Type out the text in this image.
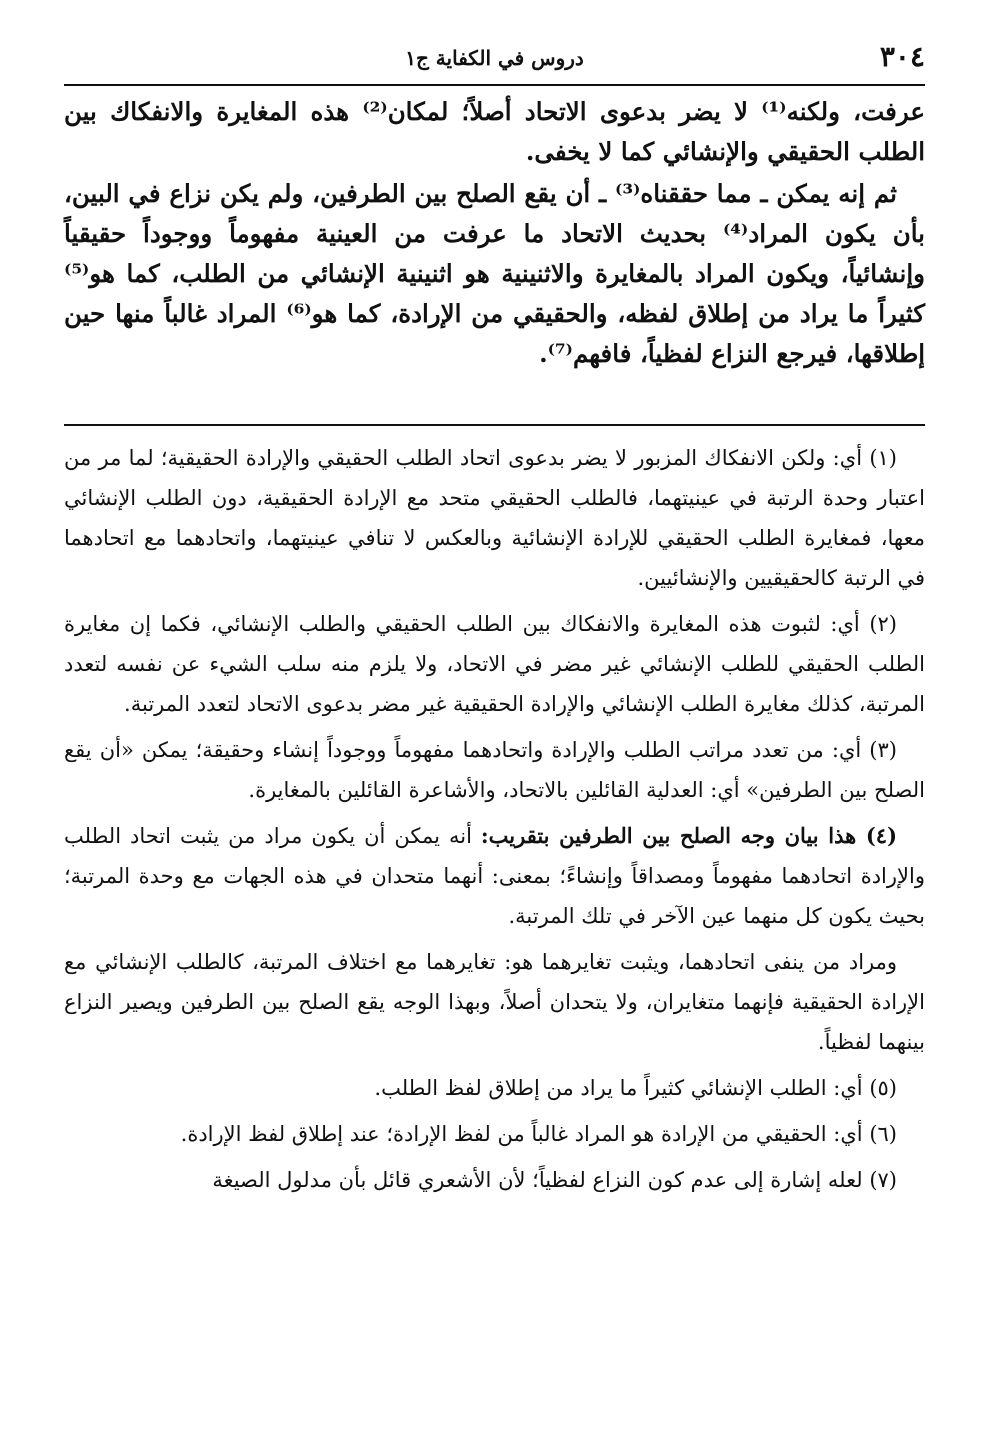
٣٠٤
دروس في الكفاية ج١

عرفت، ولكنه⁽¹⁾ لا يضر بدعوى الاتحاد أصلاً؛ لمكان⁽²⁾ هذه المغايرة والانفكاك بين الطلب الحقيقي والإنشائي كما لا يخفى.

ثم إنه يمكن ـ مما حققناه⁽³⁾ ـ أن يقع الصلح بين الطرفين، ولم يكن نزاع في البين، بأن يكون المراد⁽⁴⁾ بحديث الاتحاد ما عرفت من العينية مفهوماً ووجوداً حقيقياً وإنشائياً، ويكون المراد بالمغايرة والاثنينية هو اثنينية الإنشائي من الطلب، كما هو⁽⁵⁾ كثيراً ما يراد من إطلاق لفظه، والحقيقي من الإرادة، كما هو⁽⁶⁾ المراد غالباً منها حين إطلاقها، فيرجع النزاع لفظياً، فافهم⁽⁷⁾.

(١) أي: ولكن الانفكاك المزبور لا يضر بدعوى اتحاد الطلب الحقيقي والإرادة الحقيقية؛ لما مر من اعتبار وحدة الرتبة في عينيتهما، فالطلب الحقيقي متحد مع الإرادة الحقيقية، دون الطلب الإنشائي معها، فمغايرة الطلب الحقيقي للإرادة الإنشائية وبالعكس لا تنافي عينيتهما، واتحادهما مع اتحادهما في الرتبة كالحقيقيين والإنشائيين.

(٢) أي: لثبوت هذه المغايرة والانفكاك بين الطلب الحقيقي والطلب الإنشائي، فكما إن مغايرة الطلب الحقيقي للطلب الإنشائي غير مضر في الاتحاد، ولا يلزم منه سلب الشيء عن نفسه لتعدد المرتبة، كذلك مغايرة الطلب الإنشائي والإرادة الحقيقية غير مضر بدعوى الاتحاد لتعدد المرتبة.

(٣) أي: من تعدد مراتب الطلب والإرادة واتحادهما مفهوماً ووجوداً إنشاء وحقيقة؛ يمكن «أن يقع الصلح بين الطرفين» أي: العدلية القائلين بالاتحاد، والأشاعرة القائلين بالمغايرة.

(٤) هذا بيان وجه الصلح بين الطرفين بتقريب: أنه يمكن أن يكون مراد من يثبت اتحاد الطلب والإرادة اتحادهما مفهوماً ومصداقاً وإنشاءً؛ بمعنى: أنهما متحدان في هذه الجهات مع وحدة المرتبة؛ بحيث يكون كل منهما عين الآخر في تلك المرتبة.

ومراد من ينفى اتحادهما، ويثبت تغايرهما هو: تغايرهما مع اختلاف المرتبة، كالطلب الإنشائي مع الإرادة الحقيقية فإنهما متغايران، ولا يتحدان أصلاً، وبهذا الوجه يقع الصلح بين الطرفين ويصير النزاع بينهما لفظياً.

(٥) أي: الطلب الإنشائي كثيراً ما يراد من إطلاق لفظ الطلب.

(٦) أي: الحقيقي من الإرادة هو المراد غالباً من لفظ الإرادة؛ عند إطلاق لفظ الإرادة.

(٧) لعله إشارة إلى عدم كون النزاع لفظياً؛ لأن الأشعري قائل بأن مدلول الصيغة
